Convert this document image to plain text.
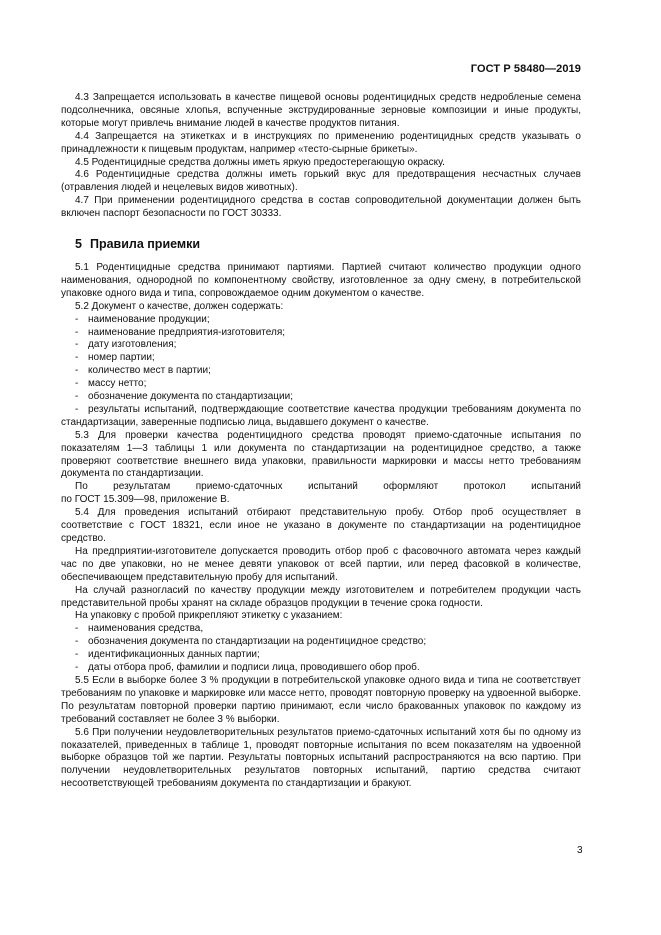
ГОСТ Р 58480—2019

4.3 Запрещается использовать в качестве пищевой основы родентицидных средств недробленые семена подсолнечника, овсяные хлопья, вспученные экструдированные зерновые композиции и иные продукты, которые могут привлечь внимание людей в качестве продуктов питания.

4.4 Запрещается на этикетках и в инструкциях по применению родентицидных средств указывать о принадлежности к пищевым продуктам, например «тесто-сырные брикеты».

4.5 Родентицидные средства должны иметь яркую предостерегающую окраску.

4.6 Родентицидные средства должны иметь горький вкус для предотвращения несчастных случаев (отравления людей и нецелевых видов животных).

4.7 При применении родентицидного средства в состав сопроводительной документации должен быть включен паспорт безопасности по ГОСТ 30333.

5 Правила приемки

5.1 Родентицидные средства принимают партиями. Партией считают количество продукции одного наименования, однородной по компонентному свойству, изготовленное за одну смену, в потребительской упаковке одного вида и типа, сопровождаемое одним документом о качестве.

5.2 Документ о качестве, должен содержать:

- наименование продукции;

- наименование предприятия-изготовителя;

- дату изготовления;

- номер партии;

- количество мест в партии;

- массу нетто;

- обозначение документа по стандартизации;

- результаты испытаний, подтверждающие соответствие качества продукции требованиям документа по стандартизации, заверенные подписью лица, выдавшего документ о качестве.

5.3 Для проверки качества родентицидного средства проводят приемо-сдаточные испытания по показателям 1—3 таблицы 1 или документа по стандартизации на родентицидное средство, а также проверяют соответствие внешнего вида упаковки, правильности маркировки и массы нетто требованиям документа по стандартизации.

По результатам приемо-сдаточных испытаний оформляют протокол испытаний

по ГОСТ 15.309—98, приложение В.

5.4 Для проведения испытаний отбирают представительную пробу. Отбор проб осуществляет в соответствие с ГОСТ 18321, если иное не указано в документе по стандартизации на родентицидное средство.

На предприятии-изготовителе допускается проводить отбор проб с фасовочного автомата через каждый час по две упаковки, но не менее девяти упаковок от всей партии, или перед фасовкой в количестве, обеспечивающем представительную пробу для испытаний.

На случай разногласий по качеству продукции между изготовителем и потребителем продукции часть представительной пробы хранят на складе образцов продукции в течение срока годности.

На упаковку с пробой прикрепляют этикетку с указанием:

- наименования средства,

- обозначения документа по стандартизации на родентицидное средство;

- идентификационных данных партии;

- даты отбора проб, фамилии и подписи лица, проводившего обор проб.

5.5 Если в выборке более 3 % продукции в потребительской упаковке одного вида и типа не соответствует требованиям по упаковке и маркировке или массе нетто, проводят повторную проверку на удвоенной выборке. По результатам повторной проверки партию принимают, если число бракованных упаковок по каждому из требований составляет не более 3 % выборки.

5.6 При получении неудовлетворительных результатов приемо-сдаточных испытаний хотя бы по одному из показателей, приведенных в таблице 1, проводят повторные испытания по всем показателям на удвоенной выборке образцов той же партии. Результаты повторных испытаний распространяются на всю партию. При получении неудовлетворительных результатов повторных испытаний, партию средства считают несоответствующей требованиям документа по стандартизации и бракуют.

3
